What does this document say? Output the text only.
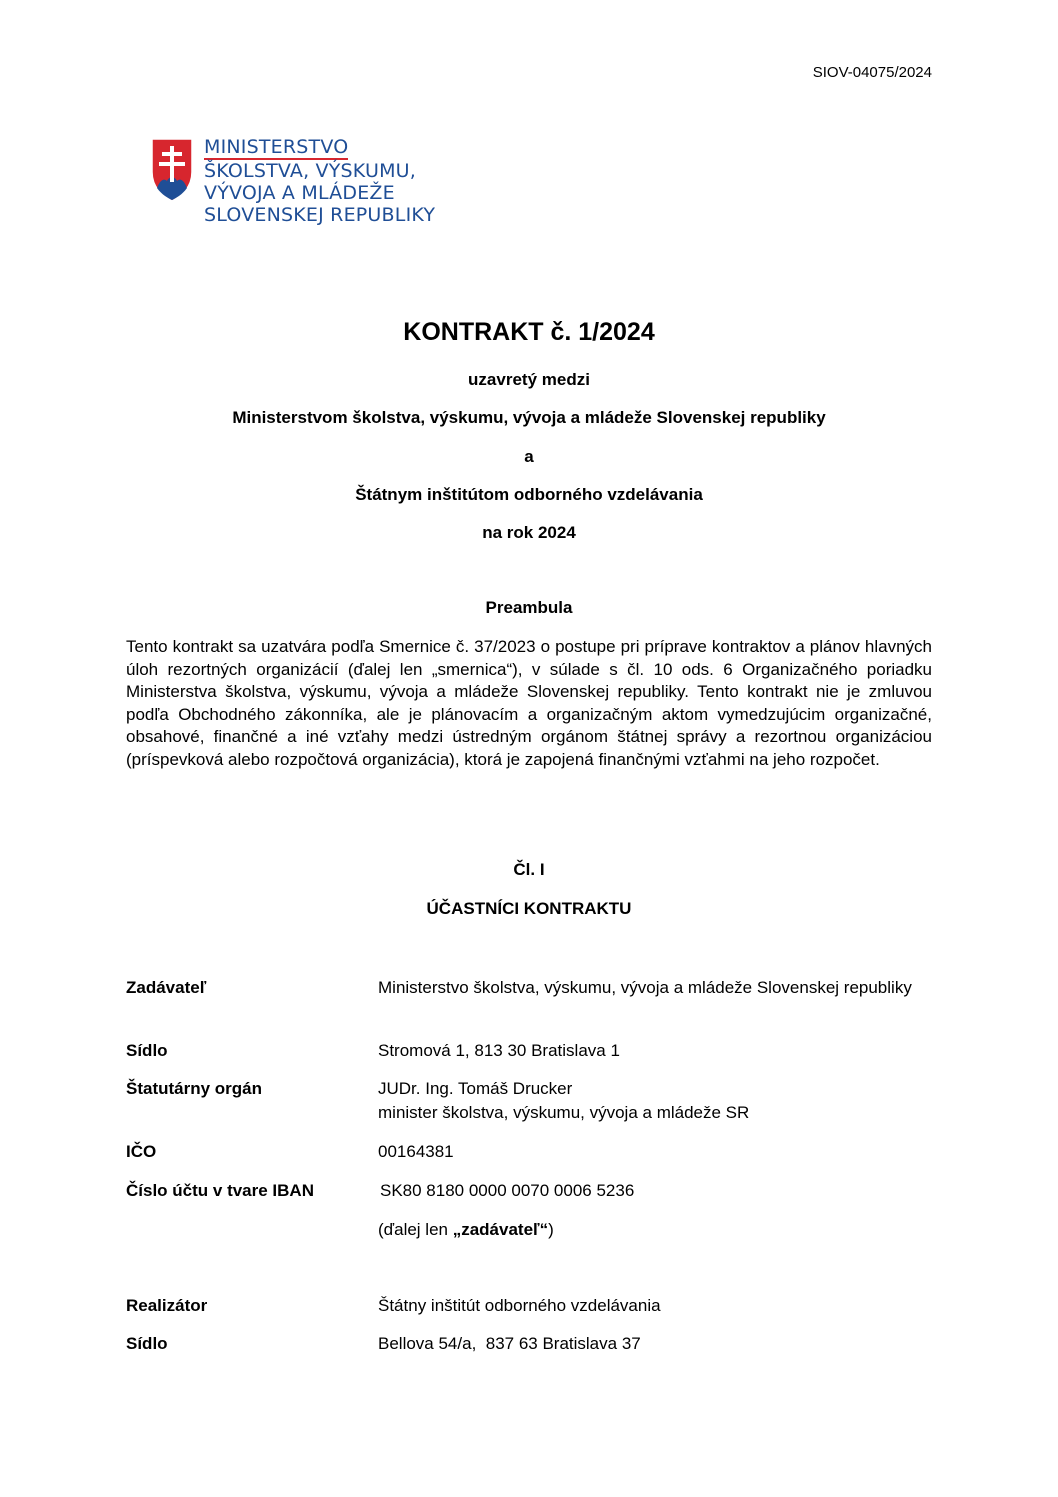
SIOV-04075/2024
MINISTERSTVO
ŠKOLSTVA, VÝSKUMU,
VÝVOJA A MLÁDEŽE
SLOVENSKEJ REPUBLIKY
KONTRAKT č. 1/2024
uzavretý medzi
Ministerstvom školstva, výskumu, vývoja a mládeže Slovenskej republiky
a
Štátnym inštitútom odborného vzdelávania
na rok 2024
Preambula

Tento kontrakt sa uzatvára podľa Smernice č. 37/2023 o postupe pri príprave kontraktov a plánov hlavných úloh rezortných organizácií (ďalej len „smernica“), v súlade s čl. 10 ods. 6 Organizačného poriadku Ministerstva školstva, výskumu, vývoja a mládeže Slovenskej republiky. Tento kontrakt nie je zmluvou podľa Obchodného zákonníka, ale je plánovacím a organizačným aktom vymedzujúcim organizačné, obsahové, finančné a iné vzťahy medzi ústredným orgánom štátnej správy a rezortnou organizáciou (príspevková alebo rozpočtová organizácia), ktorá je zapojená finančnými vzťahmi na jeho rozpočet.

Čl. I
ÚČASTNÍCI KONTRAKTU
Zadávateľ	Ministerstvo školstva, výskumu, vývoja a mládeže Slovenskej republiky
Sídlo	Stromová 1, 813 30 Bratislava 1
Štatutárny orgán	JUDr. Ing. Tomáš Drucker
minister školstva, výskumu, vývoja a mládeže SR
IČO	00164381
Číslo účtu v tvare IBAN	SK80 8180 0000 0070 0006 5236
(ďalej len „zadávateľ“)
Realizátor	Štátny inštitút odborného vzdelávania
Sídlo	Bellova 54/a,  837 63 Bratislava 37
